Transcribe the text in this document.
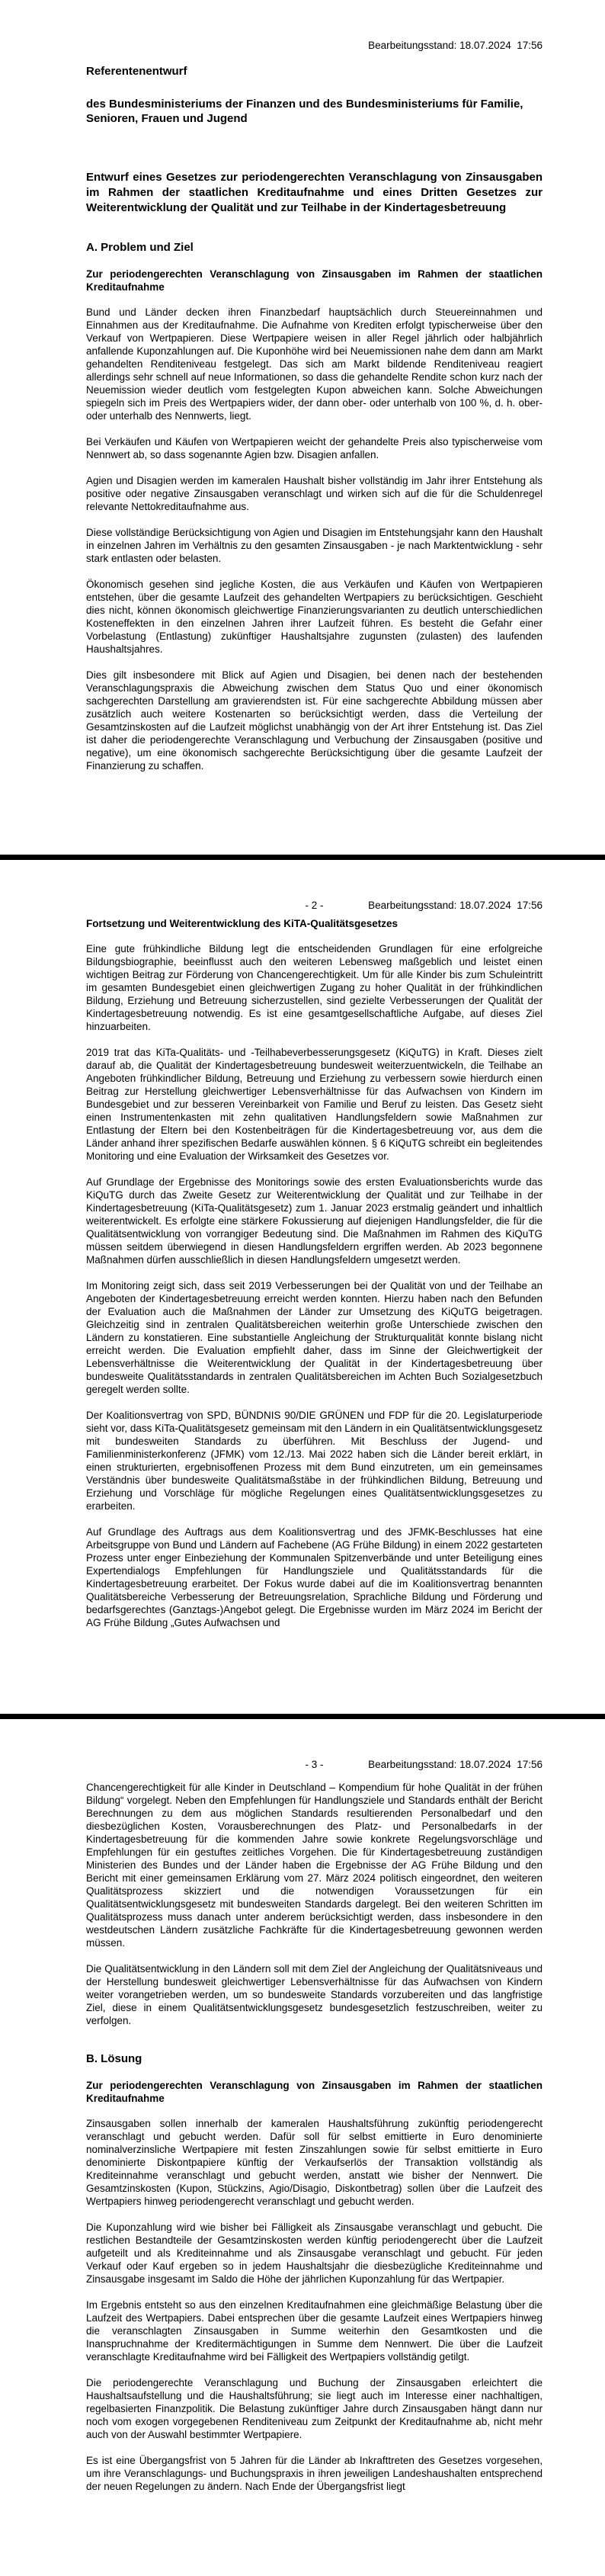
Bearbeitungsstand: 18.07.2024  17:56
Referentenentwurf
des Bundesministeriums der Finanzen und des Bundesministeriums für Familie, Senioren, Frauen und Jugend
Entwurf eines Gesetzes zur periodengerechten Veranschlagung von Zinsausgaben im Rahmen der staatlichen Kreditaufnahme und eines Dritten Gesetzes zur Weiterentwicklung der Qualität und zur Teilhabe in der Kindertagesbetreuung
A. Problem und Ziel
Zur periodengerechten Veranschlagung von Zinsausgaben im Rahmen der staatlichen Kreditaufnahme

Bund und Länder decken ihren Finanzbedarf hauptsächlich durch Steuereinnahmen und Einnahmen aus der Kreditaufnahme. Die Aufnahme von Krediten erfolgt typischerweise über den Verkauf von Wertpapieren. Diese Wertpapiere weisen in aller Regel jährlich oder halbjährlich anfallende Kuponzahlungen auf. Die Kuponhöhe wird bei Neuemissionen nahe dem dann am Markt gehandelten Renditeniveau festgelegt. Das sich am Markt bildende Renditeniveau reagiert allerdings sehr schnell auf neue Informationen, so dass die gehandelte Rendite schon kurz nach der Neuemission wieder deutlich vom festgelegten Kupon abweichen kann. Solche Abweichungen spiegeln sich im Preis des Wertpapiers wider, der dann ober- oder unterhalb von 100 %, d. h. ober- oder unterhalb des Nennwerts, liegt.

Bei Verkäufen und Käufen von Wertpapieren weicht der gehandelte Preis also typischerweise vom Nennwert ab, so dass sogenannte Agien bzw. Disagien anfallen.

Agien und Disagien werden im kameralen Haushalt bisher vollständig im Jahr ihrer Entstehung als positive oder negative Zinsausgaben veranschlagt und wirken sich auf die für die Schuldenregel relevante Nettokreditaufnahme aus.

Diese vollständige Berücksichtigung von Agien und Disagien im Entstehungsjahr kann den Haushalt in einzelnen Jahren im Verhältnis zu den gesamten Zinsausgaben - je nach Marktentwicklung - sehr stark entlasten oder belasten.

Ökonomisch gesehen sind jegliche Kosten, die aus Verkäufen und Käufen von Wertpapieren entstehen, über die gesamte Laufzeit des gehandelten Wertpapiers zu berücksichtigen. Geschieht dies nicht, können ökonomisch gleichwertige Finanzierungsvarianten zu deutlich unterschiedlichen Kosteneffekten in den einzelnen Jahren ihrer Laufzeit führen. Es besteht die Gefahr einer Vorbelastung (Entlastung) zukünftiger Haushaltsjahre zugunsten (zulasten) des laufenden Haushaltsjahres.

Dies gilt insbesondere mit Blick auf Agien und Disagien, bei denen nach der bestehenden Veranschlagungspraxis die Abweichung zwischen dem Status Quo und einer ökonomisch sachgerechten Darstellung am gravierendsten ist. Für eine sachgerechte Abbildung müssen aber zusätzlich auch weitere Kostenarten so berücksichtigt werden, dass die Verteilung der Gesamtzinskosten auf die Laufzeit möglichst unabhängig von der Art ihrer Entstehung ist. Das Ziel ist daher die periodengerechte Veranschlagung und Verbuchung der Zinsausgaben (positive und negative), um eine ökonomisch sachgerechte Berücksichtigung über die gesamte Laufzeit der Finanzierung zu schaffen.

- 2 -	Bearbeitungsstand: 18.07.2024  17:56
Fortsetzung und Weiterentwicklung des KiTA-Qualitätsgesetzes

Eine gute frühkindliche Bildung legt die entscheidenden Grundlagen für eine erfolgreiche Bildungsbiographie, beeinflusst auch den weiteren Lebensweg maßgeblich und leistet einen wichtigen Beitrag zur Förderung von Chancengerechtigkeit. Um für alle Kinder bis zum Schuleintritt im gesamten Bundesgebiet einen gleichwertigen Zugang zu hoher Qualität in der frühkindlichen Bildung, Erziehung und Betreuung sicherzustellen, sind gezielte Verbesserungen der Qualität der Kindertagesbetreuung notwendig. Es ist eine gesamtgesellschaftliche Aufgabe, auf dieses Ziel hinzuarbeiten.

2019 trat das KiTa-Qualitäts- und -Teilhabeverbesserungsgesetz (KiQuTG) in Kraft. Dieses zielt darauf ab, die Qualität der Kindertagesbetreuung bundesweit weiterzuentwickeln, die Teilhabe an Angeboten frühkindlicher Bildung, Betreuung und Erziehung zu verbessern sowie hierdurch einen Beitrag zur Herstellung gleichwertiger Lebensverhältnisse für das Aufwachsen von Kindern im Bundesgebiet und zur besseren Vereinbarkeit von Familie und Beruf zu leisten. Das Gesetz sieht einen Instrumentenkasten mit zehn qualitativen Handlungsfeldern sowie Maßnahmen zur Entlastung der Eltern bei den Kostenbeiträgen für die Kindertagesbetreuung vor, aus dem die Länder anhand ihrer spezifischen Bedarfe auswählen können. § 6 KiQuTG schreibt ein begleitendes Monitoring und eine Evaluation der Wirksamkeit des Gesetzes vor.

Auf Grundlage der Ergebnisse des Monitorings sowie des ersten Evaluationsberichts wurde das KiQuTG durch das Zweite Gesetz zur Weiterentwicklung der Qualität und zur Teilhabe in der Kindertagesbetreuung (KiTa-Qualitätsgesetz) zum 1. Januar 2023 erstmalig geändert und inhaltlich weiterentwickelt. Es erfolgte eine stärkere Fokussierung auf diejenigen Handlungsfelder, die für die Qualitätsentwicklung von vorrangiger Bedeutung sind. Die Maßnahmen im Rahmen des KiQuTG müssen seitdem überwiegend in diesen Handlungsfeldern ergriffen werden. Ab 2023 begonnene Maßnahmen dürfen ausschließlich in diesen Handlungsfeldern umgesetzt werden.

Im Monitoring zeigt sich, dass seit 2019 Verbesserungen bei der Qualität von und der Teilhabe an Angeboten der Kindertagesbetreuung erreicht werden konnten. Hierzu haben nach den Befunden der Evaluation auch die Maßnahmen der Länder zur Umsetzung des KiQuTG beigetragen. Gleichzeitig sind in zentralen Qualitätsbereichen weiterhin große Unterschiede zwischen den Ländern zu konstatieren. Eine substantielle Angleichung der Strukturqualität konnte bislang nicht erreicht werden. Die Evaluation empfiehlt daher, dass im Sinne der Gleichwertigkeit der Lebensverhältnisse die Weiterentwicklung der Qualität in der Kindertagesbetreuung über bundesweite Qualitätsstandards in zentralen Qualitätsbereichen im Achten Buch Sozialgesetzbuch geregelt werden sollte.

Der Koalitionsvertrag von SPD, BÜNDNIS 90/DIE GRÜNEN und FDP für die 20. Legislaturperiode sieht vor, dass KiTa-Qualitätsgesetz gemeinsam mit den Ländern in ein Qualitätsentwicklungsgesetz mit bundesweiten Standards zu überführen. Mit Beschluss der Jugend- und Familienministerkonferenz (JFMK) vom 12./13. Mai 2022 haben sich die Länder bereit erklärt, in einen strukturierten, ergebnisoffenen Prozess mit dem Bund einzutreten, um ein gemeinsames Verständnis über bundesweite Qualitätsmaßstäbe in der frühkindlichen Bildung, Betreuung und Erziehung und Vorschläge für mögliche Regelungen eines Qualitätsentwicklungsgesetzes zu erarbeiten.

Auf Grundlage des Auftrags aus dem Koalitionsvertrag und des JFMK-Beschlusses hat eine Arbeitsgruppe von Bund und Ländern auf Fachebene (AG Frühe Bildung) in einem 2022 gestarteten Prozess unter enger Einbeziehung der Kommunalen Spitzenverbände und unter Beteiligung eines Expertendialogs Empfehlungen für Handlungsziele und Qualitätsstandards für die Kindertagesbetreuung erarbeitet. Der Fokus wurde dabei auf die im Koalitionsvertrag benannten Qualitätsbereiche Verbesserung der Betreuungsrelation, Sprachliche Bildung und Förderung und bedarfsgerechtes (Ganztags-)Angebot gelegt. Die Ergebnisse wurden im März 2024 im Bericht der AG Frühe Bildung „Gutes Aufwachsen und

- 3 -	Bearbeitungsstand: 18.07.2024  17:56

Chancengerechtigkeit für alle Kinder in Deutschland – Kompendium für hohe Qualität in der frühen Bildung“ vorgelegt. Neben den Empfehlungen für Handlungsziele und Standards enthält der Bericht Berechnungen zu dem aus möglichen Standards resultierenden Personalbedarf und den diesbezüglichen Kosten, Vorausberechnungen des Platz- und Personalbedarfs in der Kindertagesbetreuung für die kommenden Jahre sowie konkrete Regelungsvorschläge und Empfehlungen für ein gestuftes zeitliches Vorgehen. Die für Kindertagesbetreuung zuständigen Ministerien des Bundes und der Länder haben die Ergebnisse der AG Frühe Bildung und den Bericht mit einer gemeinsamen Erklärung vom 27. März 2024 politisch eingeordnet, den weiteren Qualitätsprozess skizziert und die notwendigen Voraussetzungen für ein Qualitätsentwicklungsgesetz mit bundesweiten Standards dargelegt. Bei den weiteren Schritten im Qualitätsprozess muss danach unter anderem berücksichtigt werden, dass insbesondere in den westdeutschen Ländern zusätzliche Fachkräfte für die Kindertagesbetreuung gewonnen werden müssen.

Die Qualitätsentwicklung in den Ländern soll mit dem Ziel der Angleichung der Qualitätsniveaus und der Herstellung bundesweit gleichwertiger Lebensverhältnisse für das Aufwachsen von Kindern weiter vorangetrieben werden, um so bundesweite Standards vorzubereiten und das langfristige Ziel, diese in einem Qualitätsentwicklungsgesetz bundesgesetzlich festzuschreiben, weiter zu verfolgen.

B. Lösung
Zur periodengerechten Veranschlagung von Zinsausgaben im Rahmen der staatlichen Kreditaufnahme

Zinsausgaben sollen innerhalb der kameralen Haushaltsführung zukünftig periodengerecht veranschlagt und gebucht werden. Dafür soll für selbst emittierte in Euro denominierte nominalverzinsliche Wertpapiere mit festen Zinszahlungen sowie für selbst emittierte in Euro denominierte Diskontpapiere künftig der Verkaufserlös der Transaktion vollständig als Krediteinnahme veranschlagt und gebucht werden, anstatt wie bisher der Nennwert. Die Gesamtzinskosten (Kupon, Stückzins, Agio/Disagio, Diskontbetrag) sollen über die Laufzeit des Wertpapiers hinweg periodengerecht veranschlagt und gebucht werden.

Die Kuponzahlung wird wie bisher bei Fälligkeit als Zinsausgabe veranschlagt und gebucht. Die restlichen Bestandteile der Gesamtzinskosten werden künftig periodengerecht über die Laufzeit aufgeteilt und als Krediteinnahme und als Zinsausgabe veranschlagt und gebucht. Für jeden Verkauf oder Kauf ergeben so in jedem Haushaltsjahr die diesbezügliche Krediteinnahme und Zinsausgabe insgesamt im Saldo die Höhe der jährlichen Kuponzahlung für das Wertpapier.

Im Ergebnis entsteht so aus den einzelnen Kreditaufnahmen eine gleichmäßige Belastung über die Laufzeit des Wertpapiers. Dabei entsprechen über die gesamte Laufzeit eines Wertpapiers hinweg die veranschlagten Zinsausgaben in Summe weiterhin den Gesamtkosten und die Inanspruchnahme der Kreditermächtigungen in Summe dem Nennwert. Die über die Laufzeit veranschlagte Kreditaufnahme wird bei Fälligkeit des Wertpapiers vollständig getilgt.

Die periodengerechte Veranschlagung und Buchung der Zinsausgaben erleichtert die Haushaltsaufstellung und die Haushaltsführung; sie liegt auch im Interesse einer nachhaltigen, regelbasierten Finanzpolitik. Die Belastung zukünftiger Jahre durch Zinsausgaben hängt dann nur noch vom exogen vorgegebenen Renditeniveau zum Zeitpunkt der Kreditaufnahme ab, nicht mehr auch von der Auswahl bestimmter Wertpapiere.

Es ist eine Übergangsfrist von 5 Jahren für die Länder ab Inkrafttreten des Gesetzes vorgesehen, um ihre Veranschlagungs- und Buchungspraxis in ihren jeweiligen Landeshaushalten entsprechend der neuen Regelungen zu ändern. Nach Ende der Übergangsfrist liegt
